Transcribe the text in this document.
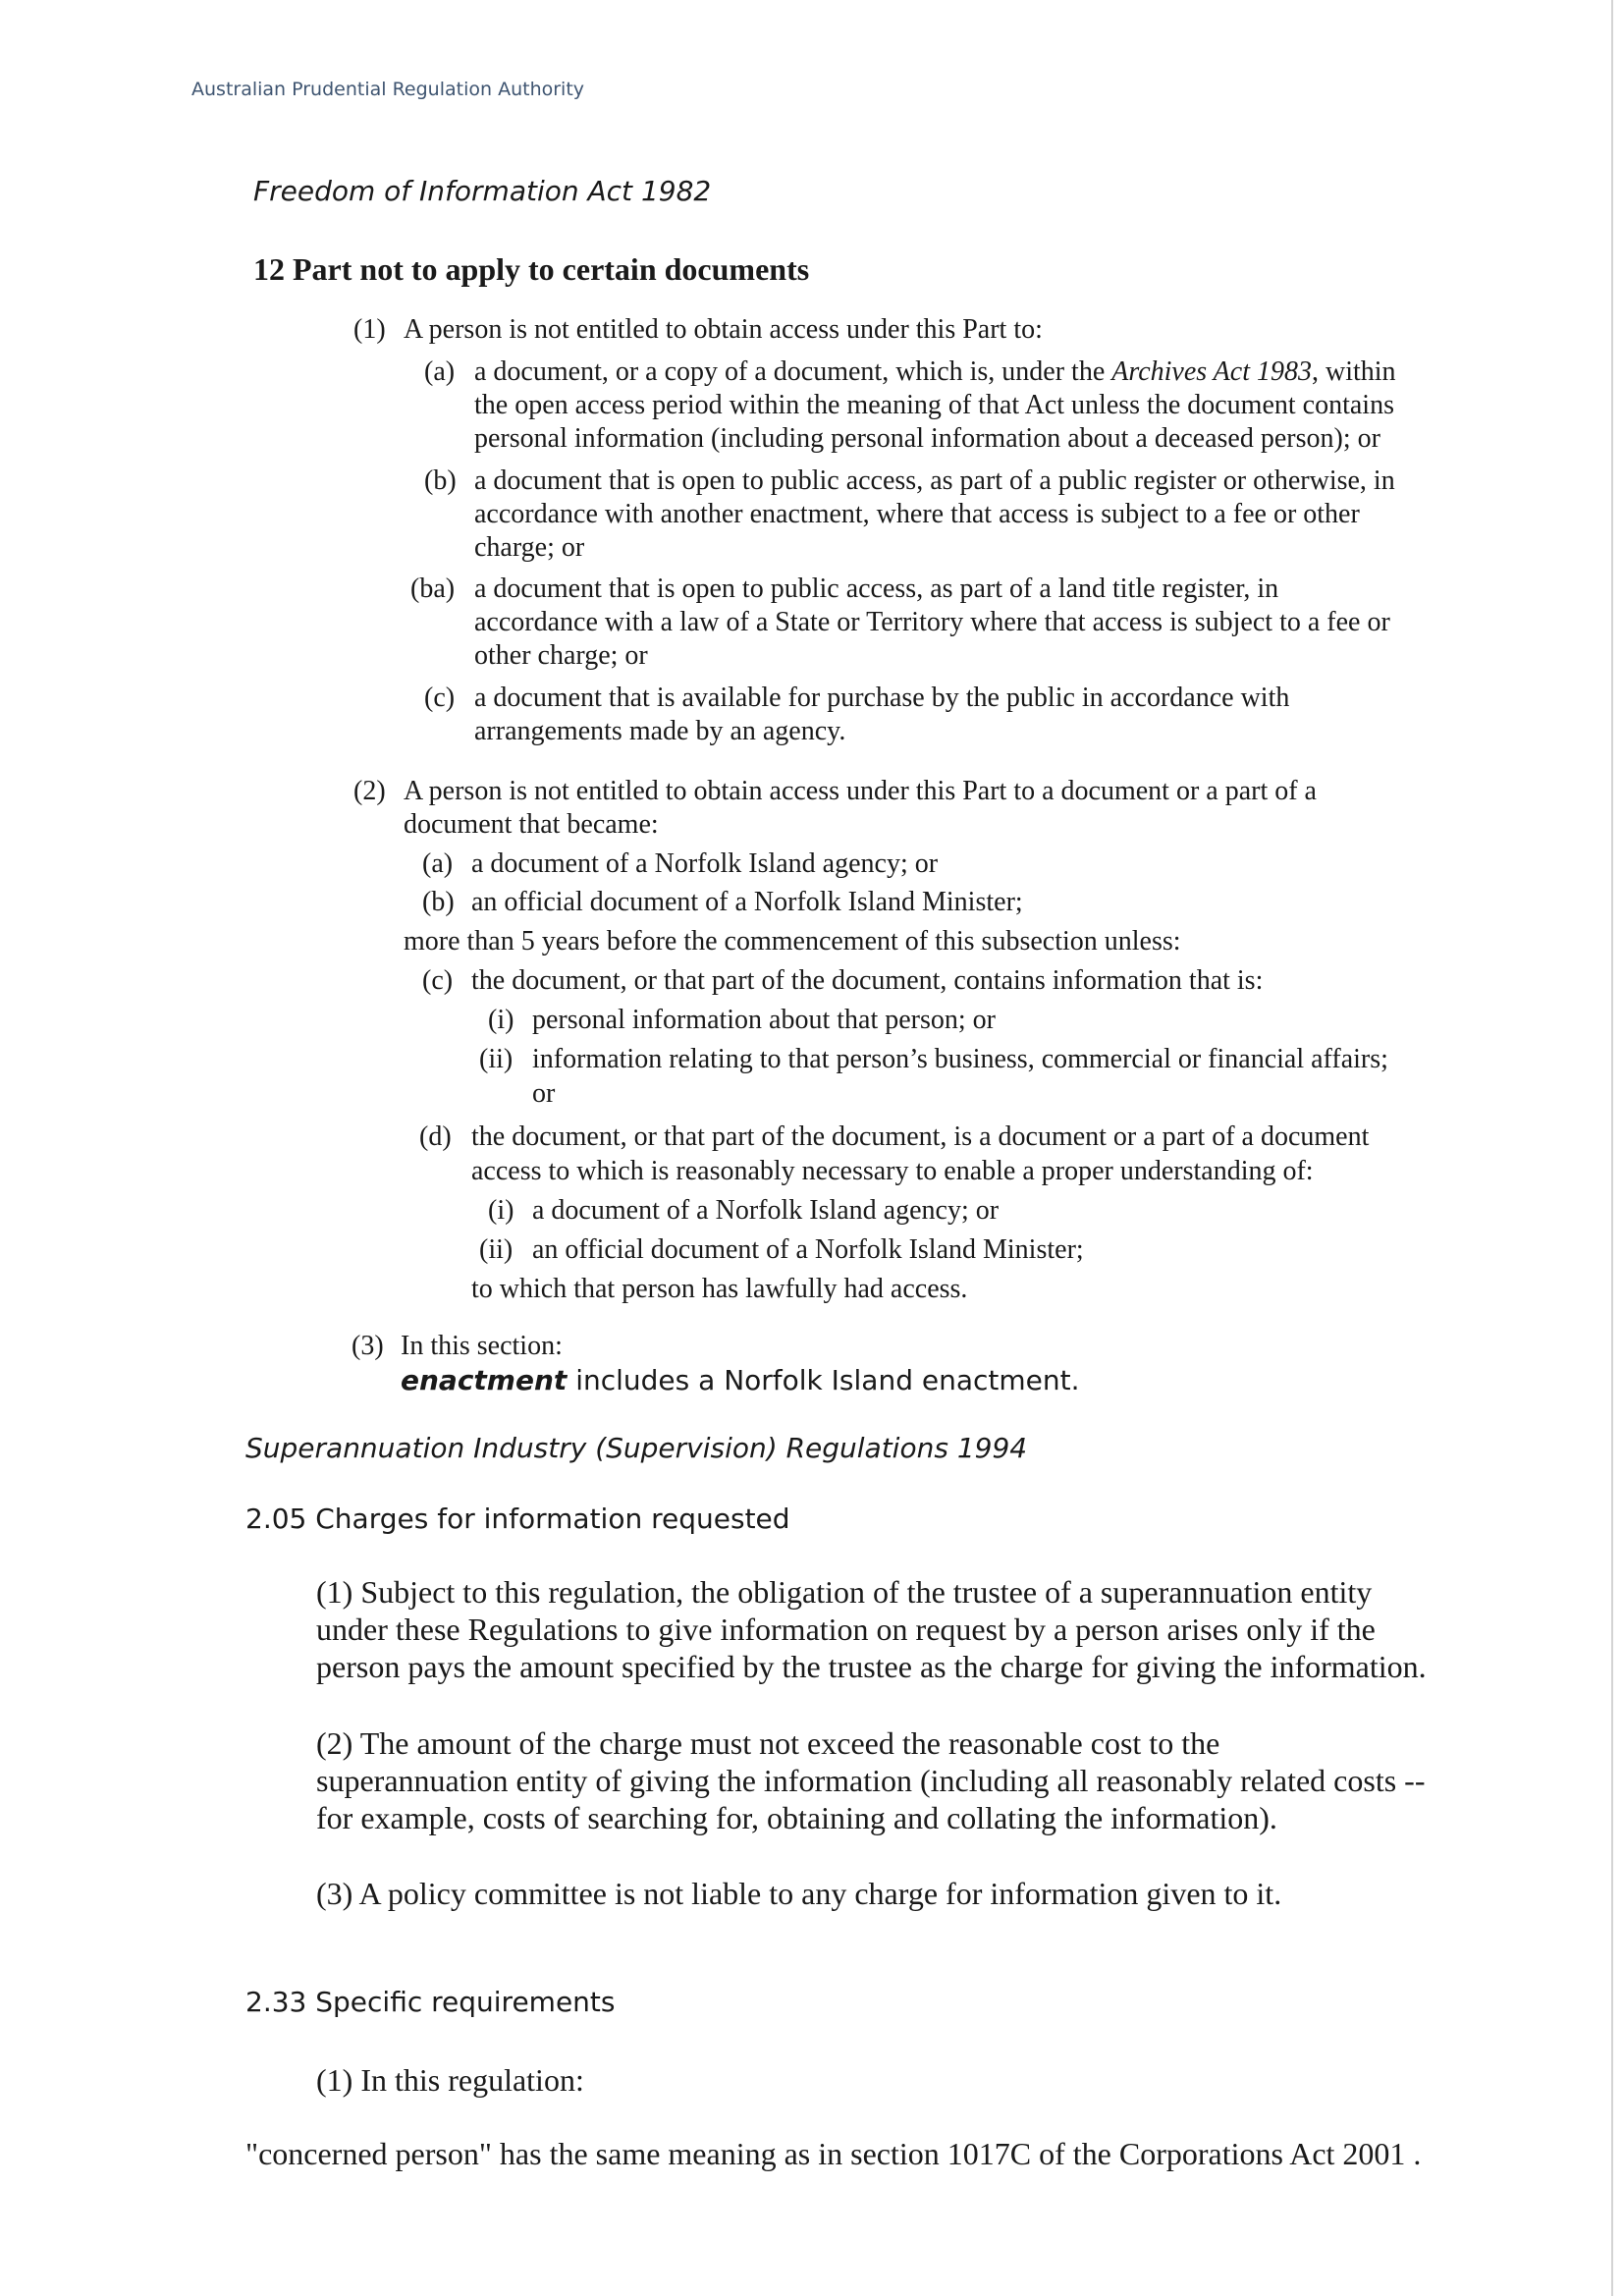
Australian Prudential Regulation Authority
Freedom of Information Act 1982
12 Part not to apply to certain documents
(1) A person is not entitled to obtain access under this Part to:
(a) a document, or a copy of a document, which is, under the Archives Act 1983, within
the open access period within the meaning of that Act unless the document contains
personal information (including personal information about a deceased person); or
(b) a document that is open to public access, as part of a public register or otherwise, in
accordance with another enactment, where that access is subject to a fee or other
charge; or
(ba) a document that is open to public access, as part of a land title register, in
accordance with a law of a State or Territory where that access is subject to a fee or
other charge; or
(c) a document that is available for purchase by the public in accordance with
arrangements made by an agency.
(2) A person is not entitled to obtain access under this Part to a document or a part of a
document that became:
(a) a document of a Norfolk Island agency; or
(b) an official document of a Norfolk Island Minister;
more than 5 years before the commencement of this subsection unless:
(c) the document, or that part of the document, contains information that is:
(i) personal information about that person; or
(ii) information relating to that person’s business, commercial or financial affairs;
or
(d) the document, or that part of the document, is a document or a part of a document
access to which is reasonably necessary to enable a proper understanding of:
(i) a document of a Norfolk Island agency; or
(ii) an official document of a Norfolk Island Minister;
to which that person has lawfully had access.
(3) In this section:
enactment includes a Norfolk Island enactment.
Superannuation Industry (Supervision) Regulations 1994
2.05 Charges for information requested
(1) Subject to this regulation, the obligation of the trustee of a superannuation entity
under these Regulations to give information on request by a person arises only if the
person pays the amount specified by the trustee as the charge for giving the information.
(2) The amount of the charge must not exceed the reasonable cost to the
superannuation entity of giving the information (including all reasonably related costs --
for example, costs of searching for, obtaining and collating the information).
(3) A policy committee is not liable to any charge for information given to it.
2.33 Specific requirements
(1) In this regulation:
"concerned person" has the same meaning as in section 1017C of the Corporations Act 2001 .
